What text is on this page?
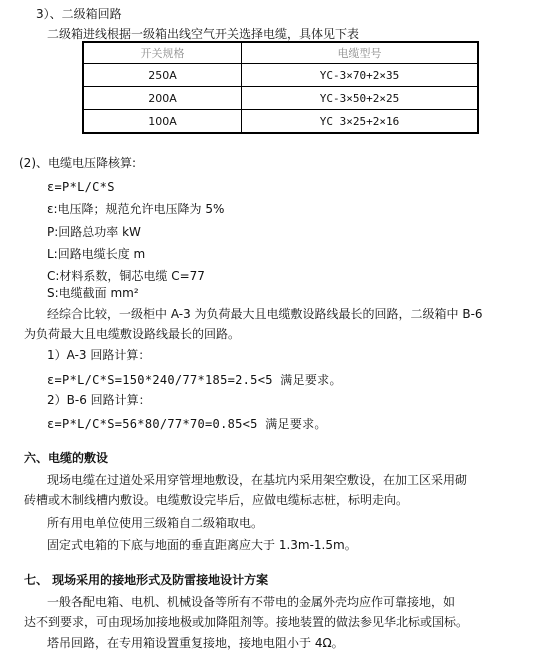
3）、二级箱回路
二级箱进线根据一级箱出线空气开关选择电缆，具体见下表
开关规格	电缆型号
250A	YC-3×70+2×35
200A	YC-3×50+2×25
100A	YC 3×25+2×16
(2)、电缆电压降核算:
ε=P*L/C*S
ε:电压降；规范允许电压降为 5%
P:回路总功率 kW
L:回路电缆长度 m
C:材料系数，铜芯电缆 C=77
S:电缆截面 mm²
经综合比较，一级柜中 A-3 为负荷最大且电缆敷设路线最长的回路，二级箱中 B-6
为负荷最大且电缆敷设路线最长的回路。
1）A-3 回路计算：
ε=P*L/C*S=150*240/77*185=2.5<5 满足要求。
2）B-6 回路计算：
ε=P*L/C*S=56*80/77*70=0.85<5 满足要求。
六、电缆的敷设
现场电缆在过道处采用穿管埋地敷设，在基坑内采用架空敷设，在加工区采用砌
砖槽或木制线槽内敷设。电缆敷设完毕后，应做电缆标志桩，标明走向。
所有用电单位使用三级箱自二级箱取电。
固定式电箱的下底与地面的垂直距离应大于 1.3m-1.5m。
七、 现场采用的接地形式及防雷接地设计方案
一般各配电箱、电机、机械设备等所有不带电的金属外壳均应作可靠接地，如
达不到要求，可由现场加接地极或加降阻剂等。接地装置的做法参见华北标或国标。
塔吊回路，在专用箱设置重复接地，接地电阻小于 4Ω。
